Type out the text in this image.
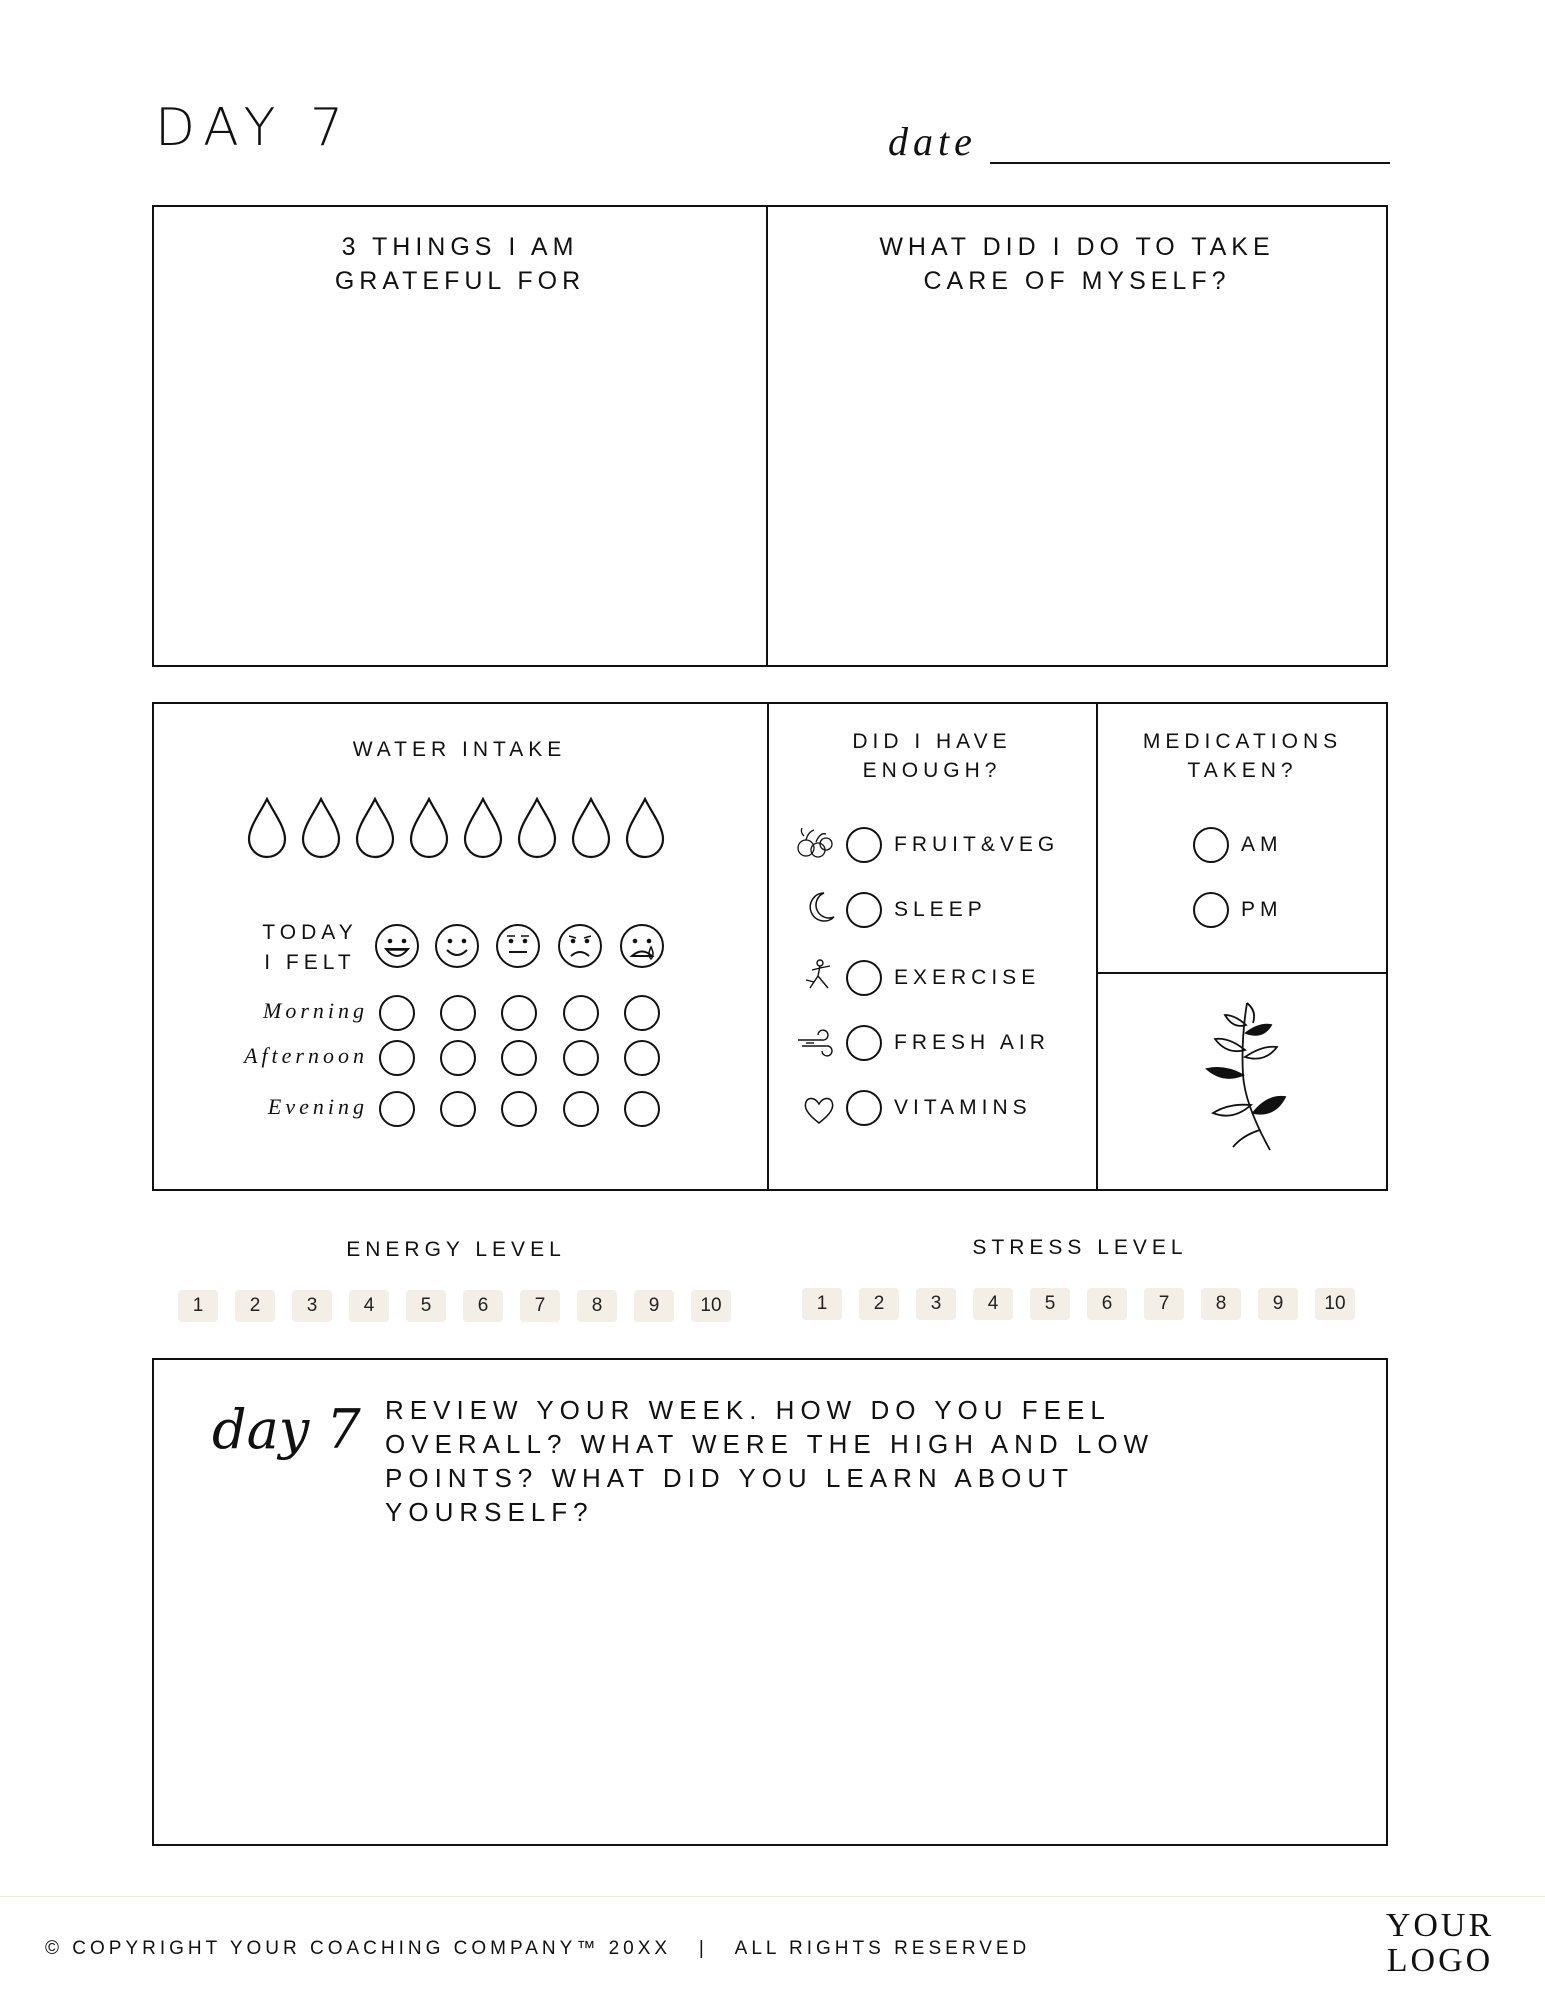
DAY 7	date
3 THINGS I AM
GRATEFUL FOR
WHAT DID I DO TO TAKE
CARE OF MYSELF?
WATER INTAKE
TODAY
I FELT
Morning
Afternoon
Evening
DID I HAVE
ENOUGH?
FRUIT&VEG
SLEEP
EXERCISE
FRESH AIR
VITAMINS
MEDICATIONS
TAKEN?
AM
PM
ENERGY LEVEL	STRESS LEVEL
1	2	3	4	5	6	7	8	9	10	1	2	3	4	5	6	7	8	9	10
day 7 REVIEW YOUR WEEK. HOW DO YOU FEEL
OVERALL? WHAT WERE THE HIGH AND LOW
POINTS? WHAT DID YOU LEARN ABOUT
YOURSELF?
© COPYRIGHT YOUR COACHING COMPANY™ 20XX   |   ALL RIGHTS RESERVED
YOUR
LOGO
